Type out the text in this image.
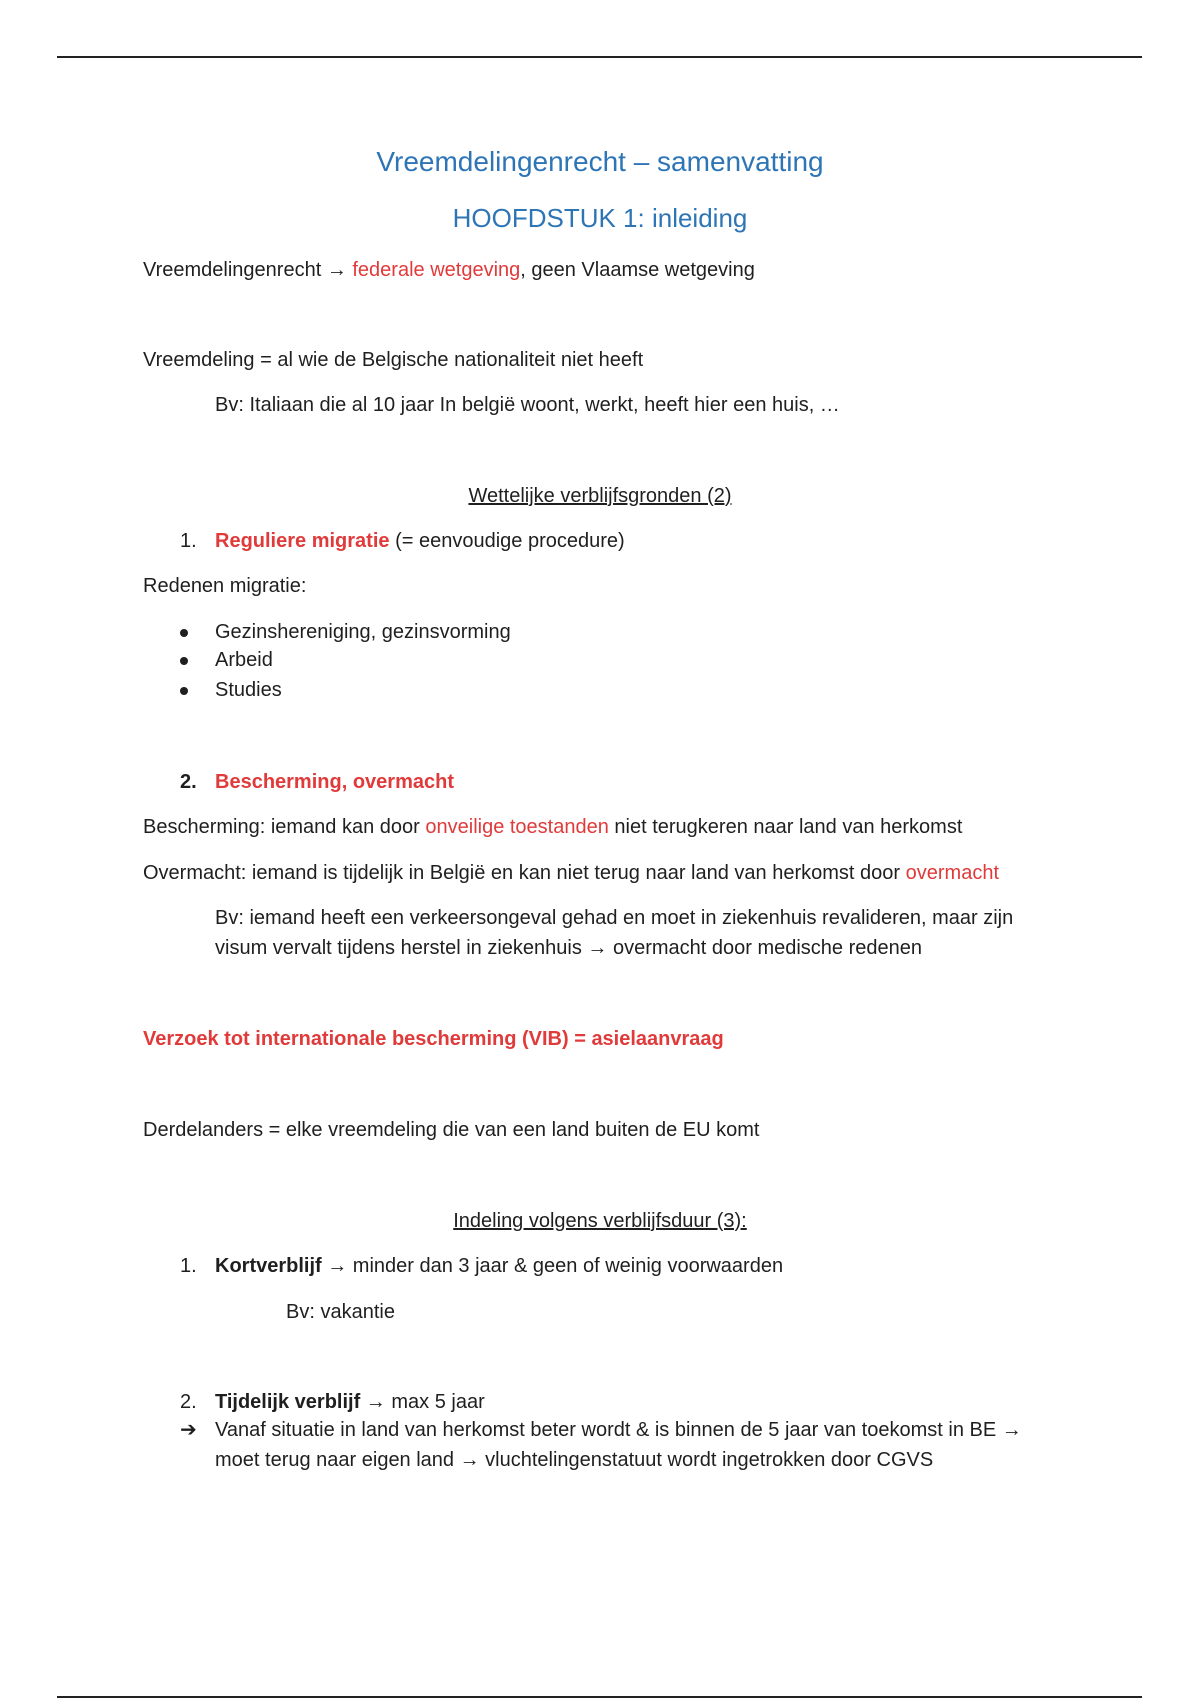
Vreemdelingenrecht – samenvatting
HOOFDSTUK 1: inleiding
Vreemdelingenrecht → federale wetgeving, geen Vlaamse wetgeving
Vreemdeling = al wie de Belgische nationaliteit niet heeft
Bv: Italiaan die al 10 jaar In belgië woont, werkt, heeft hier een huis, …
Wettelijke verblijfsgronden (2)
1. Reguliere migratie (= eenvoudige procedure)
Redenen migratie:
Gezinshereniging, gezinsvorming
Arbeid
Studies
2. Bescherming, overmacht
Bescherming: iemand kan door onveilige toestanden niet terugkeren naar land van herkomst
Overmacht: iemand is tijdelijk in België en kan niet terug naar land van herkomst door overmacht
Bv: iemand heeft een verkeersongeval gehad en moet in ziekenhuis revalideren, maar zijn
visum vervalt tijdens herstel in ziekenhuis → overmacht door medische redenen
Verzoek tot internationale bescherming (VIB) = asielaanvraag
Derdelanders = elke vreemdeling die van een land buiten de EU komt
Indeling volgens verblijfsduur (3):
1. Kortverblijf → minder dan 3 jaar & geen of weinig voorwaarden
Bv: vakantie
2. Tijdelijk verblijf → max 5 jaar
➔ Vanaf situatie in land van herkomst beter wordt & is binnen de 5 jaar van toekomst in BE →
moet terug naar eigen land → vluchtelingenstatuut wordt ingetrokken door CGVS
